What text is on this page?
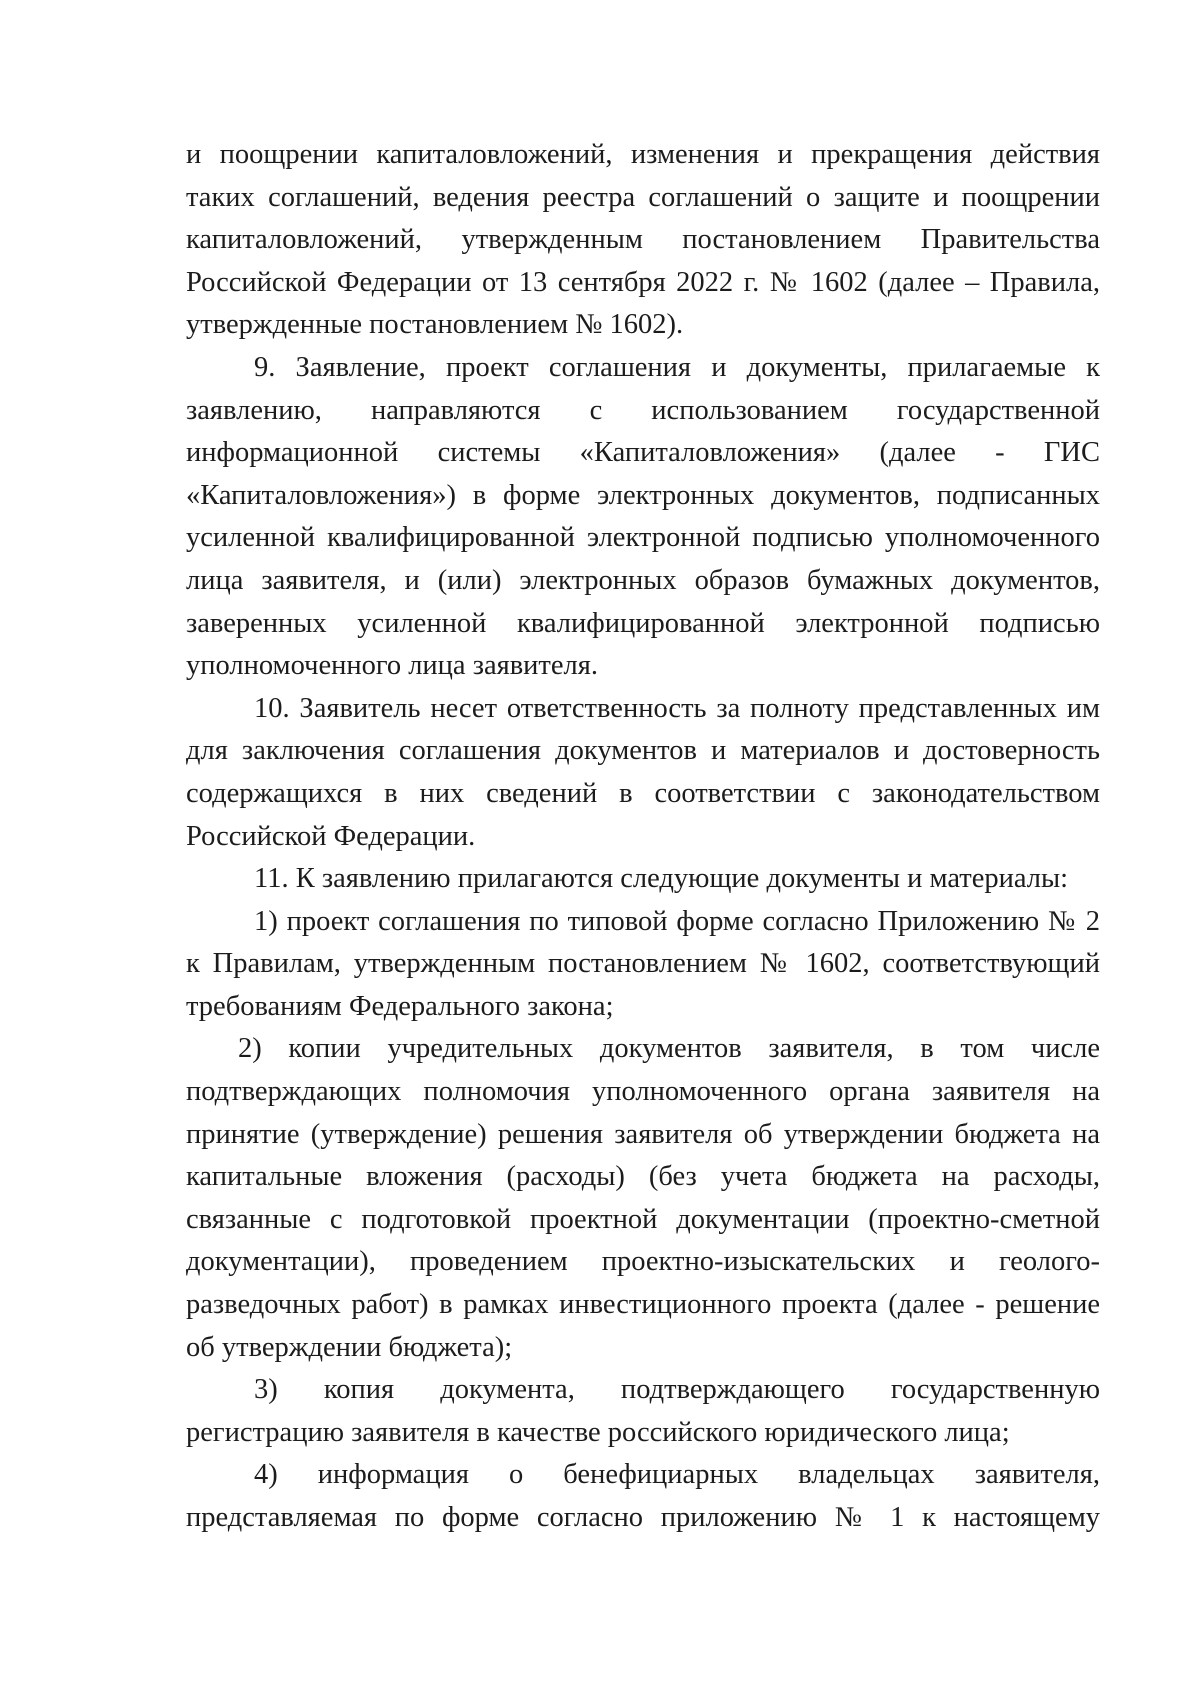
и поощрении капиталовложений, изменения и прекращения действия таких соглашений, ведения реестра соглашений о защите и поощрении капиталовложений, утвержденным постановлением Правительства Российской Федерации от 13 сентября 2022 г. № 1602 (далее – Правила, утвержденные постановлением № 1602).

9. Заявление, проект соглашения и документы, прилагаемые к заявлению, направляются с использованием государственной информационной системы «Капиталовложения» (далее - ГИС «Капиталовложения») в форме электронных документов, подписанных усиленной квалифицированной электронной подписью уполномоченного лица заявителя, и (или) электронных образов бумажных документов, заверенных усиленной квалифицированной электронной подписью уполномоченного лица заявителя.

10. Заявитель несет ответственность за полноту представленных им для заключения соглашения документов и материалов и достоверность содержащихся в них сведений в соответствии с законодательством Российской Федерации.

11. К заявлению прилагаются следующие документы и материалы:

1) проект соглашения по типовой форме согласно Приложению № 2 к Правилам, утвержденным постановлением № 1602, соответствующий требованиям Федерального закона;

2) копии учредительных документов заявителя, в том числе подтверждающих полномочия уполномоченного органа заявителя на принятие (утверждение) решения заявителя об утверждении бюджета на капитальные вложения (расходы) (без учета бюджета на расходы, связанные с подготовкой проектной документации (проектно-сметной документации), проведением проектно-изыскательских и геолого-разведочных работ) в рамках инвестиционного проекта (далее - решение об утверждении бюджета);

3) копия документа, подтверждающего государственную регистрацию заявителя в качестве российского юридического лица;

4) информация о бенефициарных владельцах заявителя, представляемая по форме согласно приложению № 1 к настоящему
